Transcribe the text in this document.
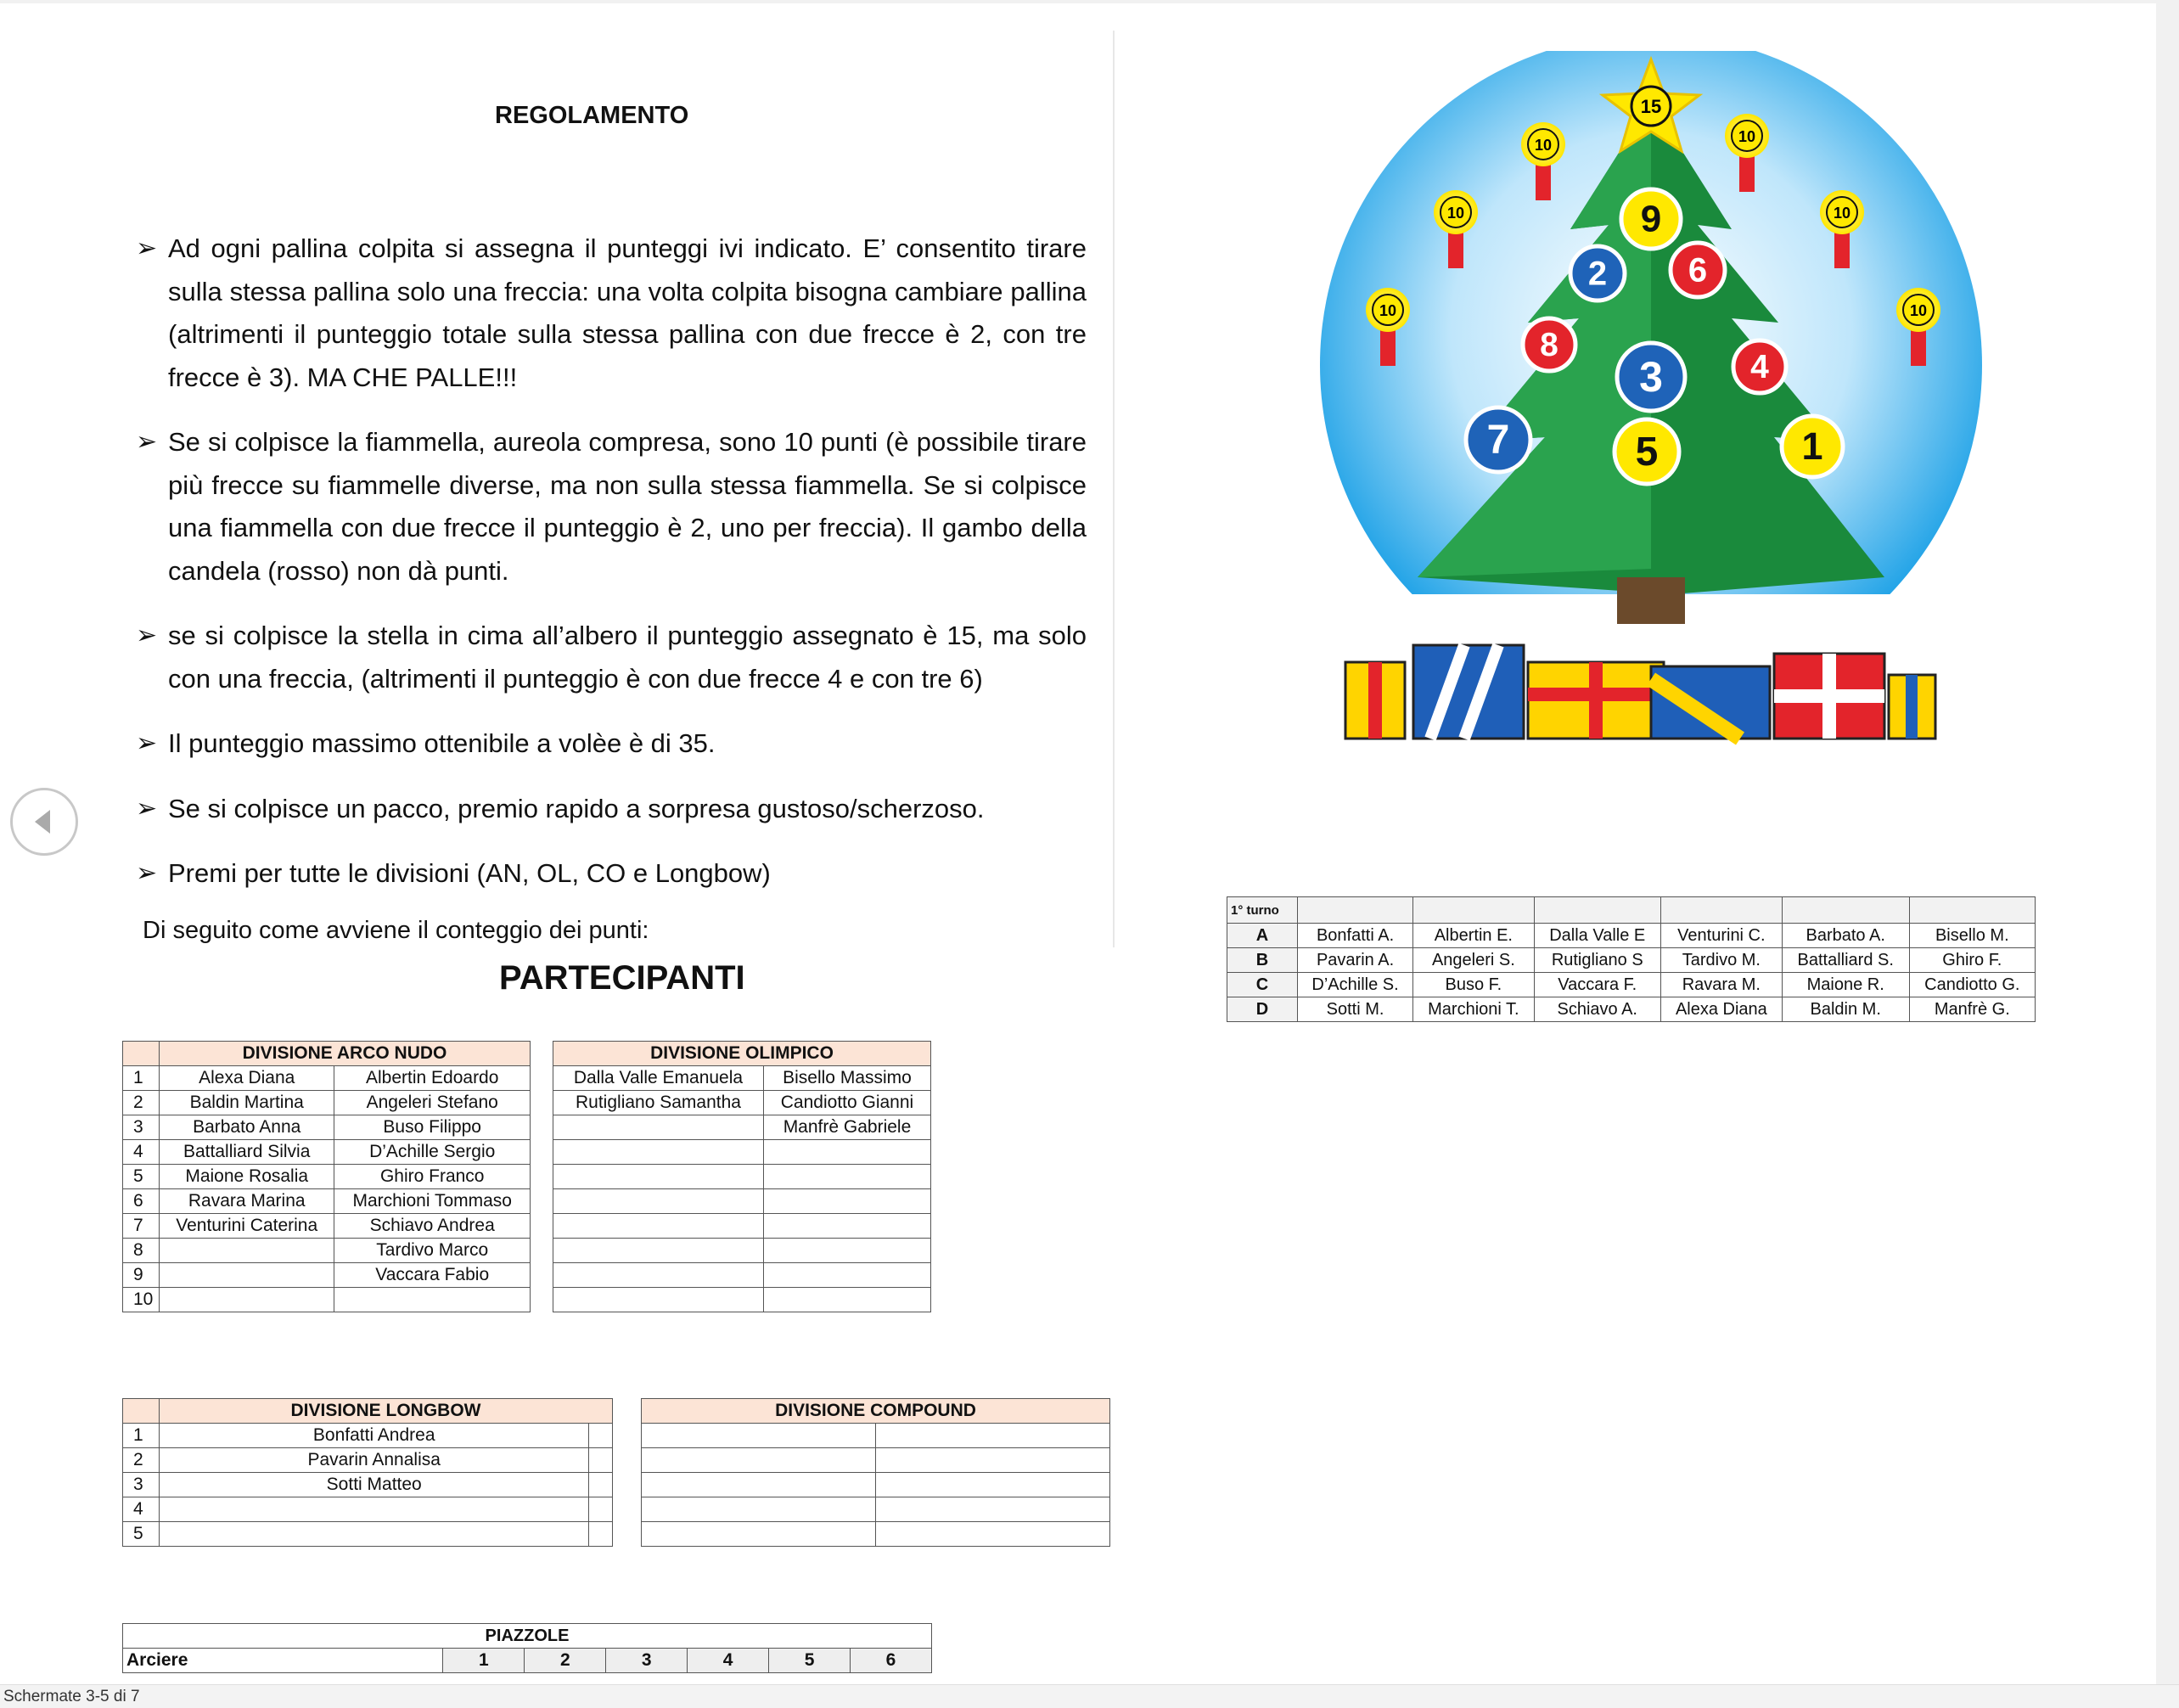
REGOLAMENTO
➢ Ad ogni pallina colpita si assegna il punteggi ivi indicato. E’ consentito tirare sulla stessa pallina solo una freccia: una volta colpita bisogna cambiare pallina (altrimenti il punteggio totale sulla stessa pallina con due frecce è 2, con tre frecce è 3). MA CHE PALLE!!!
➢ Se si colpisce la fiammella, aureola compresa, sono 10 punti (è possibile tirare più frecce su fiammelle diverse, ma non sulla stessa fiammella. Se si colpisce una fiammella con due frecce il punteggio è 2, uno per freccia). Il gambo della candela (rosso) non dà punti.
➢ se si colpisce la stella in cima all’albero il punteggio assegnato è 15, ma solo con una freccia, (altrimenti il punteggio è con due frecce 4 e con tre 6)
➢ Il punteggio massimo ottenibile a volèe è di 35.
➢ Se si colpisce un pacco, premio rapido a sorpresa gustoso/scherzoso.
➢ Premi per tutte le divisioni (AN, OL, CO e Longbow)
Di seguito come avviene il conteggio dei punti:
PARTECIPANTI
	DIVISIONE ARCO NUDO	
1	Alexa Diana	Albertin Edoardo
2	Baldin Martina	Angeleri Stefano
3	Barbato Anna	Buso Filippo
4	Battalliard Silvia	D’Achille Sergio
5	Maione Rosalia	Ghiro Franco
6	Ravara Marina	Marchioni Tommaso
7	Venturini Caterina	Schiavo Andrea
8		Tardivo Marco
9		Vaccara Fabio
10		
DIVISIONE OLIMPICO	
Dalla Valle Emanuela	Bisello Massimo
Rutigliano Samantha	Candiotto Gianni
	Manfrè Gabriele

	DIVISIONE LONGBOW	
1	Bonfatti Andrea	
2	Pavarin Annalisa	
3	Sotti Matteo	
4		
5		
DIVISIONE COMPOUND	

PIAZZOLE
Arciere	1	2	3	4	5	6
1° turno						
A	Bonfatti A.	Albertin E.	Dalla Valle E	Venturini C.	Barbato A.	Bisello M.
B	Pavarin A.	Angeleri S.	Rutigliano S	Tardivo M.	Battalliard S.	Ghiro F.
C	D’Achille S.	Buso F.	Vaccara F.	Ravara M.	Maione R.	Candiotto G.
D	Sotti M.	Marchioni T.	Schiavo A.	Alexa Diana	Baldin M.	Manfrè G.
10	10
10	10
10	10
9
2 6
8
3	4
7	5	1
15
Schermate 3-5 di 7
